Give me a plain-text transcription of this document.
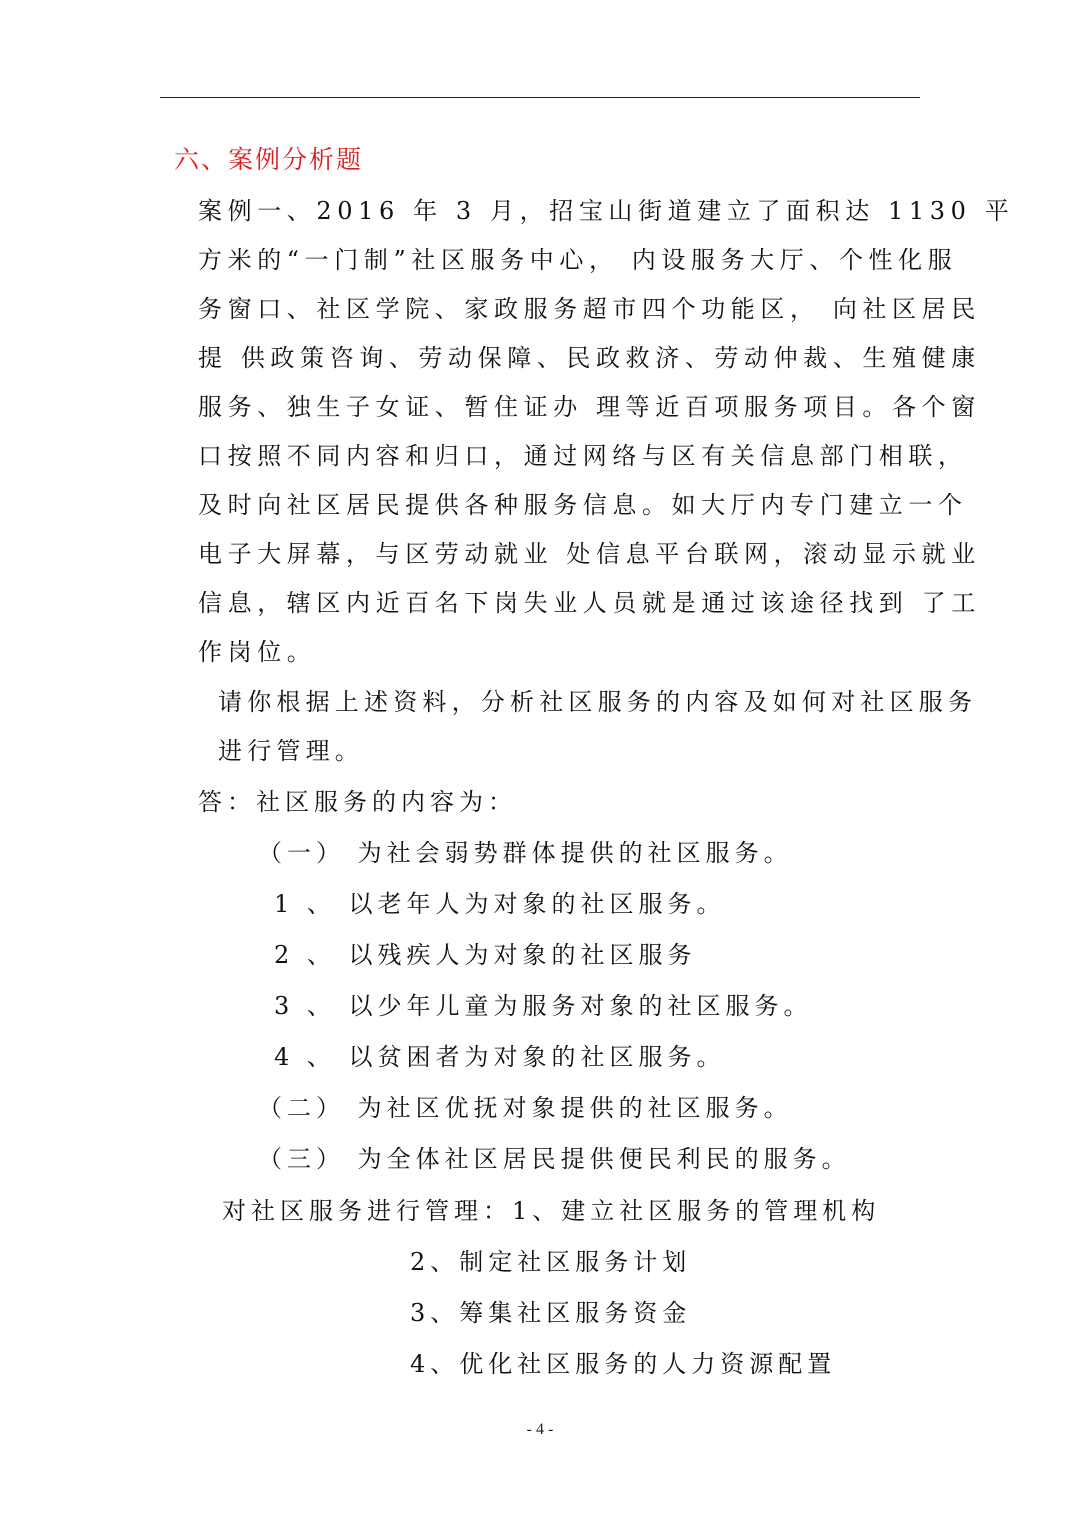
六、案例分析题
案例一、2016 年 3 月，招宝山街道建立了面积达 1130 平
方米的“一门制”社区服务中心， 内设服务大厅、个性化服
务窗口、社区学院、家政服务超市四个功能区， 向社区居民
提 供政策咨询、劳动保障、民政救济、劳动仲裁、生殖健康
服务、独生子女证、暂住证办 理等近百项服务项目。各个窗
口按照不同内容和归口，通过网络与区有关信息部门相联，
及时向社区居民提供各种服务信息。如大厅内专门建立一个
电子大屏幕，与区劳动就业 处信息平台联网，滚动显示就业
信息，辖区内近百名下岗失业人员就是通过该途径找到 了工
作岗位。
请你根据上述资料，分析社区服务的内容及如何对社区服务
进行管理。
答：社区服务的内容为：
（一） 为社会弱势群体提供的社区服务。
1 、 以老年人为对象的社区服务。
2 、 以残疾人为对象的社区服务
3 、 以少年儿童为服务对象的社区服务。
4 、 以贫困者为对象的社区服务。
（二） 为社区优抚对象提供的社区服务。
（三） 为全体社区居民提供便民利民的服务。
对社区服务进行管理：1、建立社区服务的管理机构
2、制定社区服务计划
3、筹集社区服务资金
4、优化社区服务的人力资源配置
- 4 -
